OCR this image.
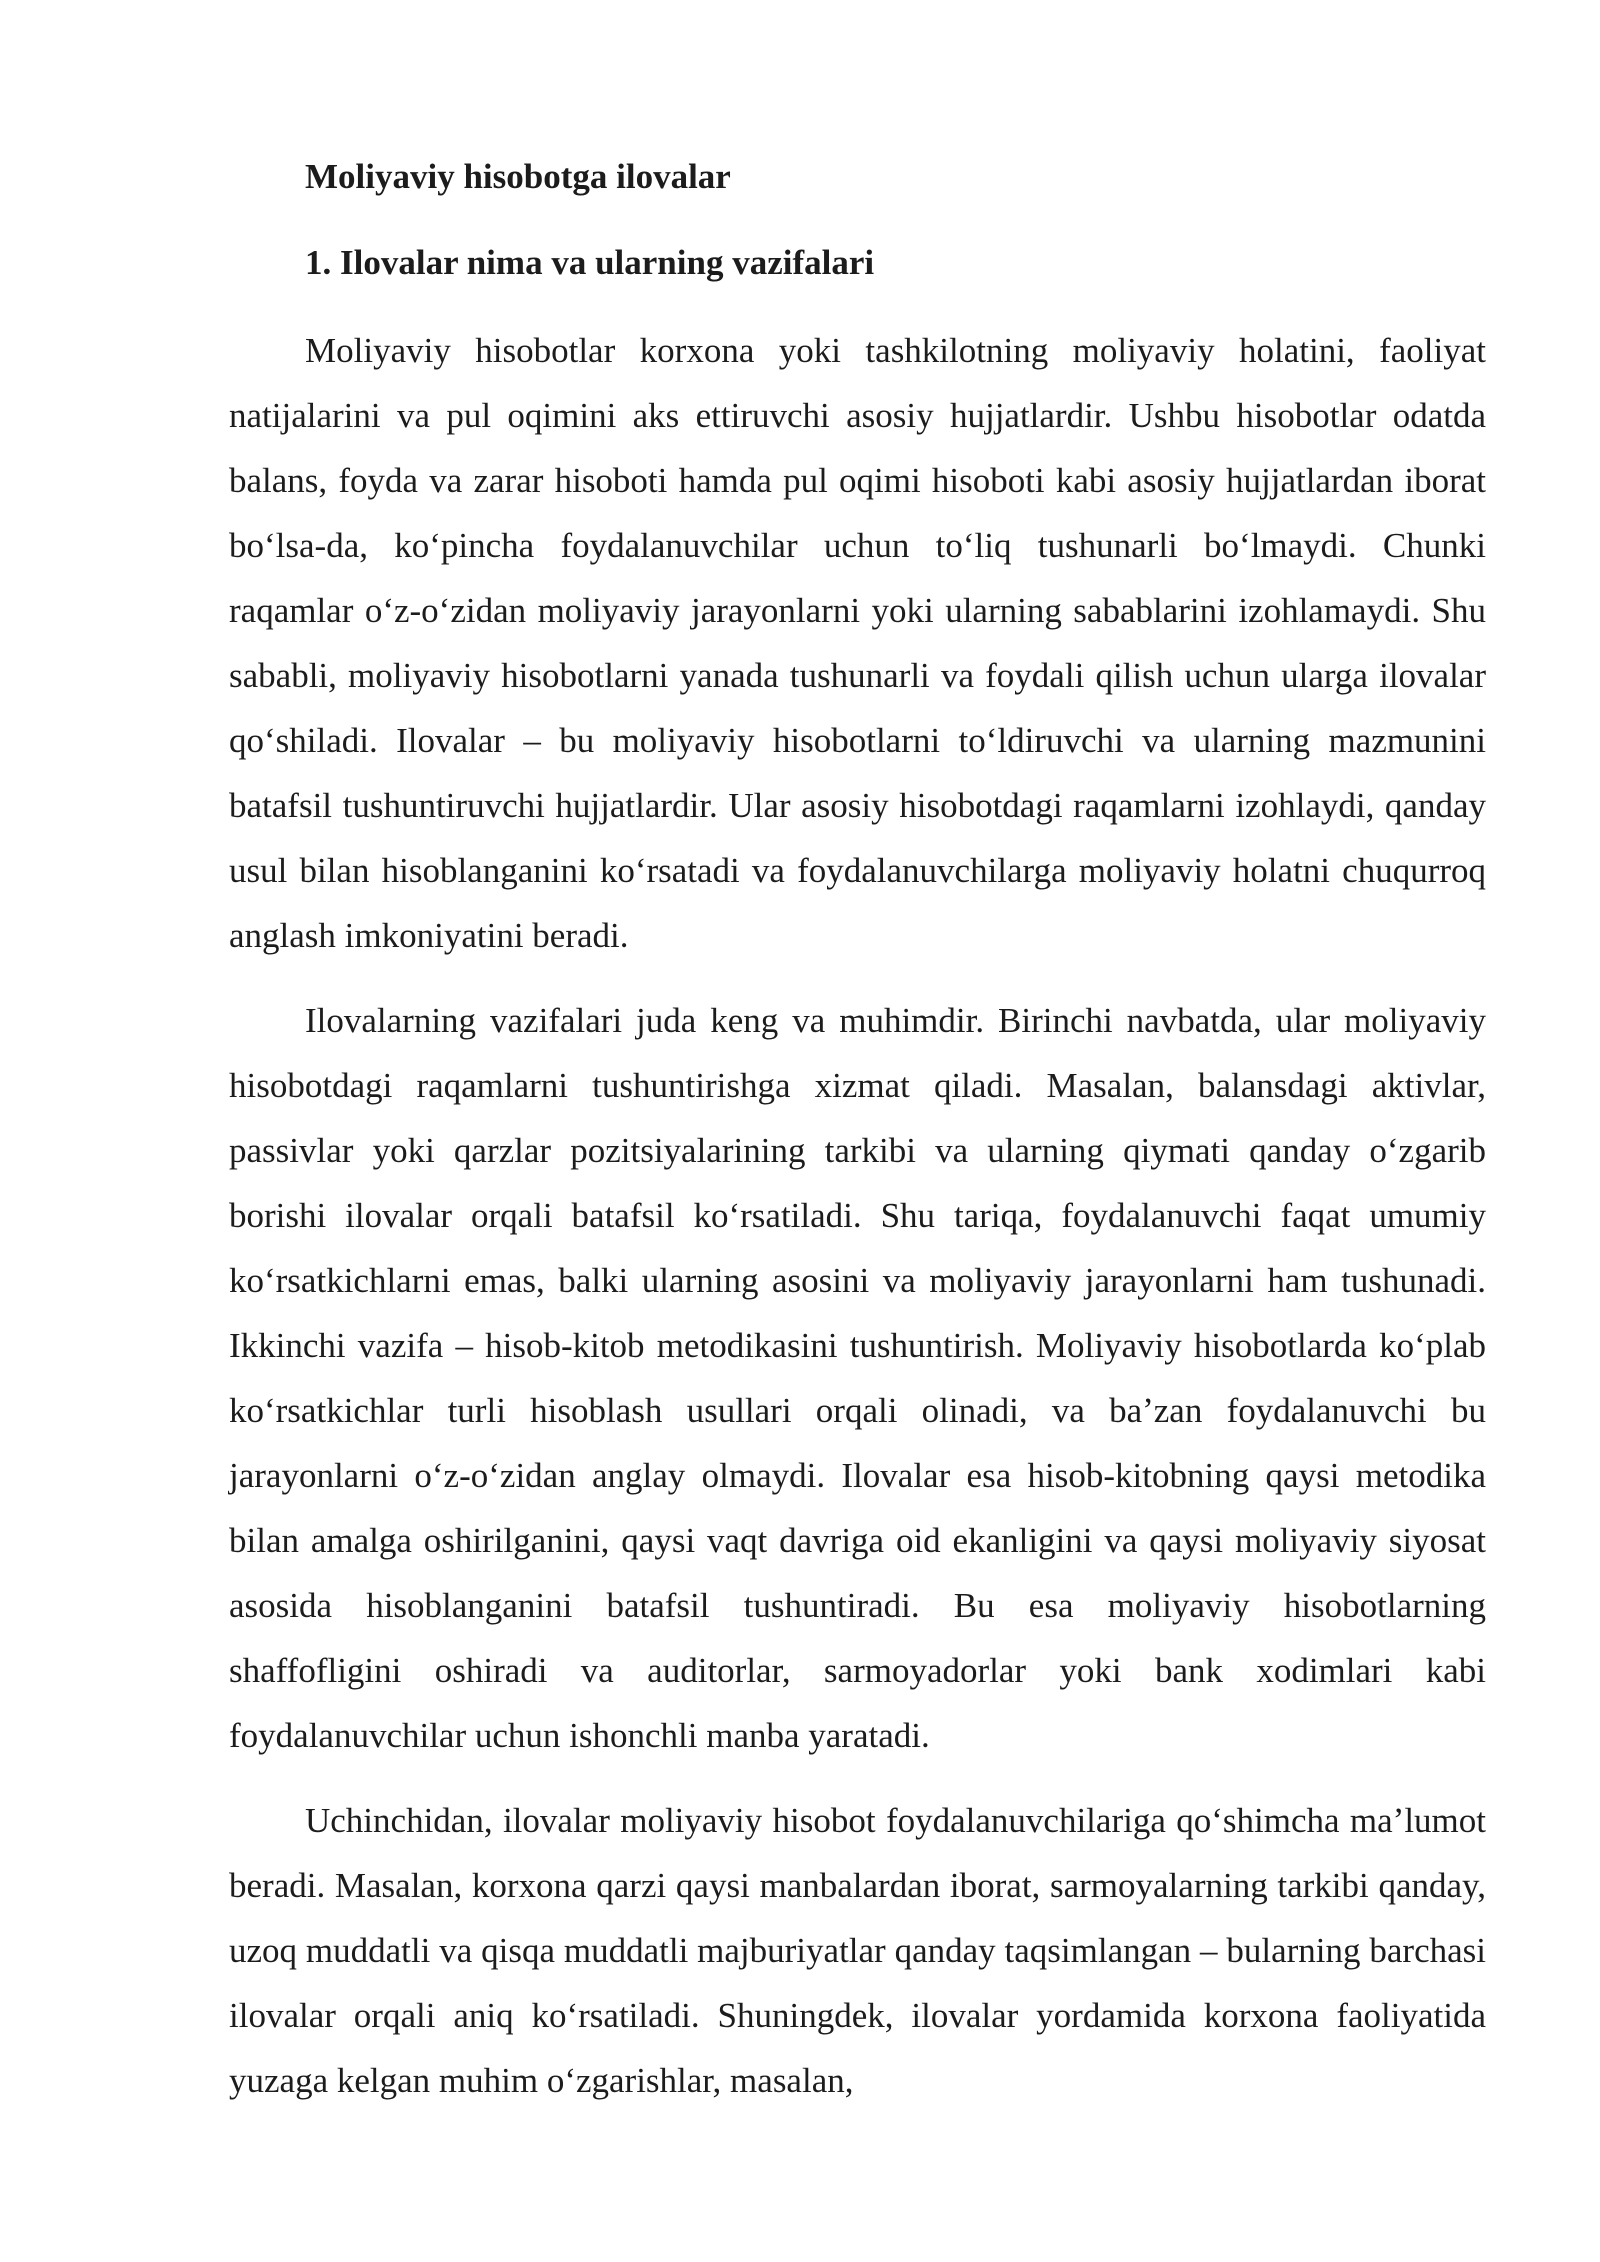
Moliyaviy hisobotga ilovalar
1. Ilovalar nima va ularning vazifalari

Moliyaviy hisobotlar korxona yoki tashkilotning moliyaviy holatini, faoliyat natijalarini va pul oqimini aks ettiruvchi asosiy hujjatlardir. Ushbu hisobotlar odatda balans, foyda va zarar hisoboti hamda pul oqimi hisoboti kabi asosiy hujjatlardan iborat boʻlsa-da, koʻpincha foydalanuvchilar uchun toʻliq tushunarli boʻlmaydi. Chunki raqamlar oʻz-oʻzidan moliyaviy jarayonlarni yoki ularning sabablarini izohlamaydi. Shu sababli, moliyaviy hisobotlarni yanada tushunarli va foydali qilish uchun ularga ilovalar qoʻshiladi. Ilovalar – bu moliyaviy hisobotlarni toʻldiruvchi va ularning mazmunini batafsil tushuntiruvchi hujjatlardir. Ular asosiy hisobotdagi raqamlarni izohlaydi, qanday usul bilan hisoblanganini koʻrsatadi va foydalanuvchilarga moliyaviy holatni chuqurroq anglash imkoniyatini beradi.

Ilovalarning vazifalari juda keng va muhimdir. Birinchi navbatda, ular moliyaviy hisobotdagi raqamlarni tushuntirishga xizmat qiladi. Masalan, balansdagi aktivlar, passivlar yoki qarzlar pozitsiyalarining tarkibi va ularning qiymati qanday oʻzgarib borishi ilovalar orqali batafsil koʻrsatiladi. Shu tariqa, foydalanuvchi faqat umumiy koʻrsatkichlarni emas, balki ularning asosini va moliyaviy jarayonlarni ham tushunadi. Ikkinchi vazifa – hisob-kitob metodikasini tushuntirish. Moliyaviy hisobotlarda koʻplab koʻrsatkichlar turli hisoblash usullari orqali olinadi, va baʼzan foydalanuvchi bu jarayonlarni oʻz-oʻzidan anglay olmaydi. Ilovalar esa hisob-kitobning qaysi metodika bilan amalga oshirilganini, qaysi vaqt davriga oid ekanligini va qaysi moliyaviy siyosat asosida hisoblanganini batafsil tushuntiradi. Bu esa moliyaviy hisobotlarning shaffofligini oshiradi va auditorlar, sarmoyadorlar yoki bank xodimlari kabi foydalanuvchilar uchun ishonchli manba yaratadi.

Uchinchidan, ilovalar moliyaviy hisobot foydalanuvchilariga qoʻshimcha maʼlumot beradi. Masalan, korxona qarzi qaysi manbalardan iborat, sarmoyalarning tarkibi qanday, uzoq muddatli va qisqa muddatli majburiyatlar qanday taqsimlangan – bularning barchasi ilovalar orqali aniq koʻrsatiladi. Shuningdek, ilovalar yordamida korxona faoliyatida yuzaga kelgan muhim oʻzgarishlar, masalan,
